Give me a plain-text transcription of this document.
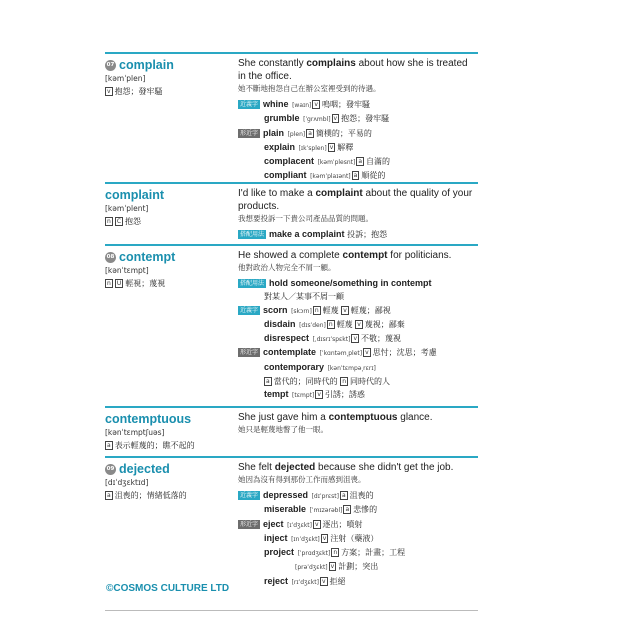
07 complain
[kəmˈplen]
v 抱怨；發牢騷
She constantly complains about how she is treated in the office.
她不斷地抱怨自己在辦公室裡受到的待遇。
近義字 whine [waɪn] v 嗚咽；發牢騷
grumble [ˈgrʌmbl] v 抱怨；發牢騷
形近字 plain [plen] a 簡樸的；平易的
explain [ɪkˈsplen] v 解釋
complacent [kəmˈplesnt] a 自滿的
compliant [kəmˈplaɪənt] a 順從的
complaint
[kəmˈplent]
n C 抱怨
I'd like to make a complaint about the quality of your products.
我想要投訴一下貴公司產品品質的問題。
搭配用法 make a complaint 投訴；抱怨
08 contempt
[kənˈtɛmpt]
n U 輕視；蔑視
He showed a complete contempt for politicians.
他對政治人物完全不屑一顧。
搭配用法 hold someone/something in contempt
對某人／某事不屑一顧
近義字 scorn [skɔrn] n 輕蔑 v 輕蔑；鄙視
disdain [dɪsˈden] n 輕蔑 v 蔑視；鄙棄
disrespect [ˌdɪsrɪˈspɛkt] v 不敬；蔑視
形近字 contemplate [ˈkɑntəm͵plet] v 思忖；沈思；考慮
contemporary [kənˈtɛmpə͵rɛrɪ]
a 當代的；同時代的 n 同時代的人
tempt [tɛmpt] v 引誘；誘惑
contemptuous
[kənˈtɛmptʃuəs]
a 表示輕蔑的；瞧不起的
She just gave him a contemptuous glance.
她只是輕蔑地瞥了他一眼。
09 dejected
[dɪˈdʒɛktɪd]
a 沮喪的；情緒低落的
She felt dejected because she didn't get the job.
她因為沒有得到那份工作而感到沮喪。
近義字 depressed [dɪˈprɛst] a 沮喪的
miserable [ˈmɪzərəbl] a 悲慘的
形近字 eject [ɪˈdʒɛkt] v 逐出；噴射
inject [ɪnˈdʒɛkt] v 注射（藥液）
project [ˈprɑdʒɛkt] n 方案；計畫；工程
[prəˈdʒɛkt] v 計劃；突出
reject [rɪˈdʒɛkt] v 拒絕
©COSMOS CULTURE LTD
